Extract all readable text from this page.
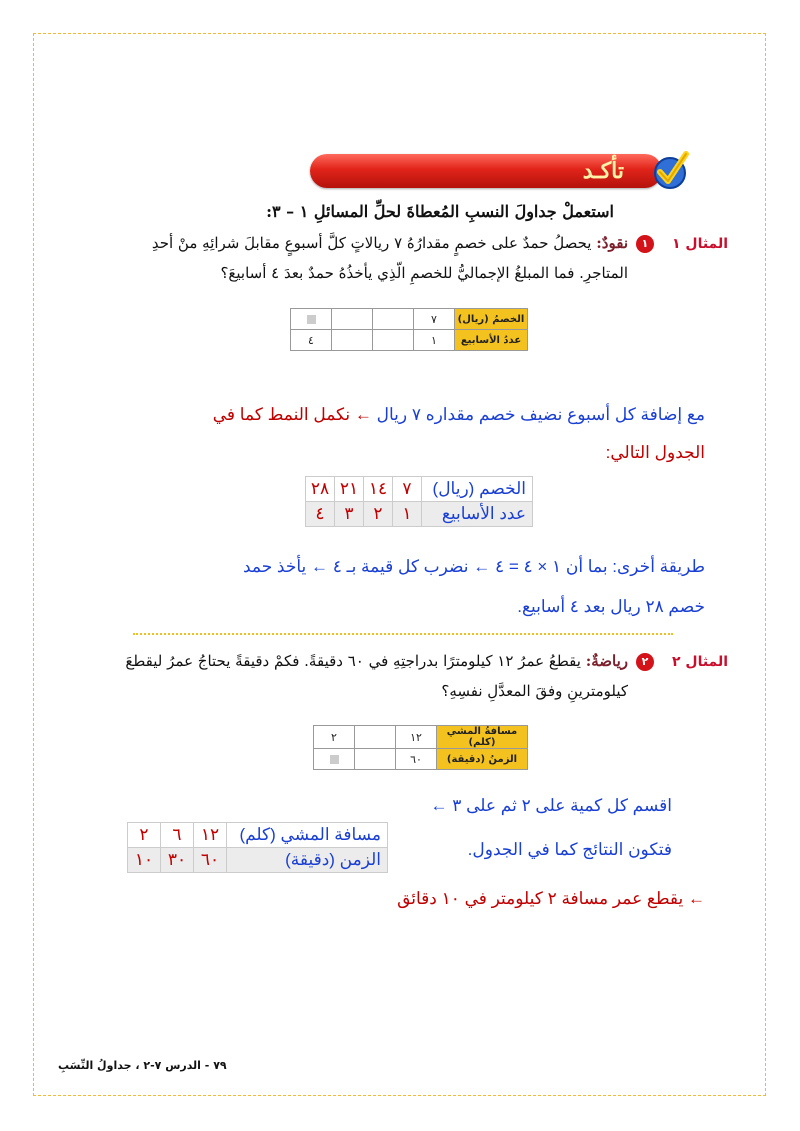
تأكـد
استعملْ جداولَ النسبِ المُعطاةَ لحلِّ المسائلِ ١ – ٣:
المثال ١
١
نقودٌ: يحصلُ حمدٌ على خصمٍ مقدارُهُ ٧ ريالاتٍ كلَّ أسبوعٍ مقابلَ شرائِهِ منْ أحدِ
المتاجرِ. فما المبلغُ الإجماليُّ للخصمِ الّذِي يأخذُهُ حمدٌ بعدَ ٤ أسابيعَ؟
الخصمُ (ريال)	٧			
عددُ الأسابيع	١			٤
مع إضافة كل أسبوع نضيف خصم مقداره ٧ ريال ← نكمل النمط كما في
الجدول التالي:
الخصم (ريال)	٧	١٤	٢١	٢٨
عدد الأسابيع	١	٢	٣	٤
طريقة أخرى: بما أن ١ × ٤ = ٤ ← نضرب كل قيمة بـ ٤ ← يأخذ حمد
خصم ٢٨ ريال بعد ٤ أسابيع.
المثال ٢
٢
رياضةٌ: يقطعُ عمرُ ١٢ كيلومترًا بدراجتِهِ في ٦٠ دقيقةً. فكمْ دقيقةً يحتاجُ عمرُ ليقطعَ
كيلومترينِ وفقَ المعدَّلِ نفسِهِ؟
مسافةُ المشي (كلم)	١٢		٢
الزمنُ (دقيقة)	٦٠		
اقسم كل كمية على ٢ ثم على ٣ ←
فتكون النتائج كما في الجدول.
مسافة المشي (كلم)	١٢	٦	٢
الزمن (دقيقة)	٦٠	٣٠	١٠
← يقطع عمر مسافة ٢ كيلومتر في ١٠ دقائق
٧٩ - الدرس ٧-٢ ، جداولُ النِّسَبِ
